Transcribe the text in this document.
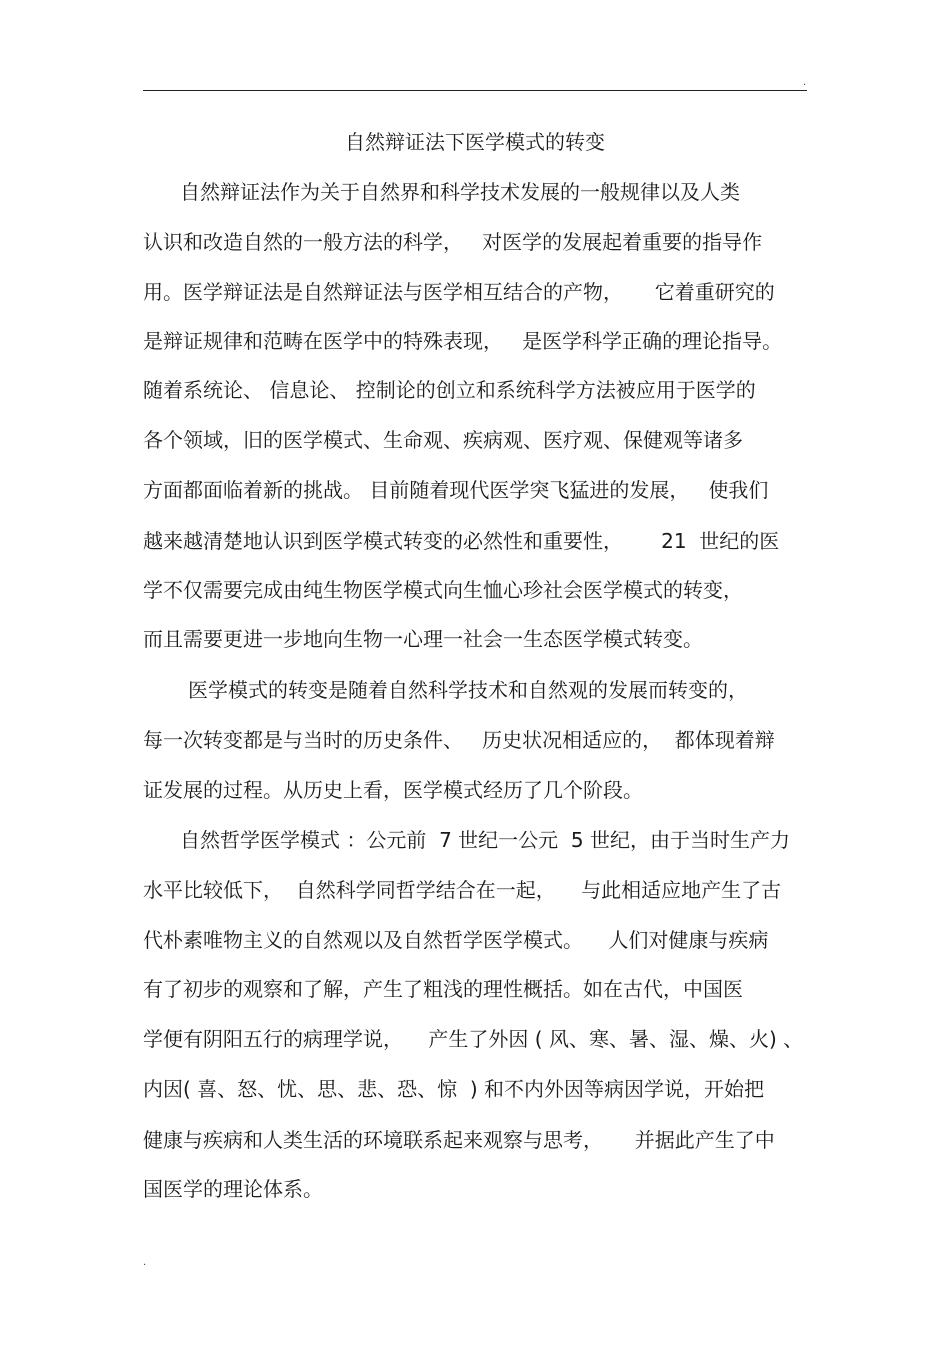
.
自然辩证法下医学模式的转变

自然辩证法作为关于自然界和科学技术发展的一般规律以及人类

认识和改造自然的一般方法的科学，   对医学的发展起着重要的指导作

用。医学辩证法是自然辩证法与医学相互结合的产物，     它着重研究的

是辩证规律和范畴在医学中的特殊表现，   是医学科学正确的理论指导。

随着系统论、 信息论、 控制论的创立和系统科学方法被应用于医学的

各个领域，旧的医学模式、生命观、疾病观、医疗观、保健观等诸多

方面都面临着新的挑战。 目前随着现代医学突飞猛进的发展，   使我们

越来越清楚地认识到医学模式转变的必然性和重要性，      21  世纪的医

学不仅需要完成由纯生物医学模式向生恤心珍社会医学模式的转变，

而且需要更进一步地向生物一心理一社会一生态医学模式转变。

医学模式的转变是随着自然科学技术和自然观的发展而转变的，

每一次转变都是与当时的历史条件、   历史状况相适应的，  都体现着辩

证发展的过程。从历史上看，医学模式经历了几个阶段。

自然哲学医学模式 ：公元前  7 世纪一公元  5 世纪，由于当时生产力

水平比较低下，  自然科学同哲学结合在一起，    与此相适应地产生了古

代朴素唯物主义的自然观以及自然哲学医学模式。    人们对健康与疾病

有了初步的观察和了解，产生了粗浅的理性概括。如在古代，中国医

学便有阴阳五行的病理学说，    产生了外因 ( 风、寒、暑、湿、燥、火) 、

内因( 喜、怒、忧、思、悲、恐、惊  ) 和不内外因等病因学说，开始把

健康与疾病和人类生活的环境联系起来观察与思考，     并据此产生了中

国医学的理论体系。

.
